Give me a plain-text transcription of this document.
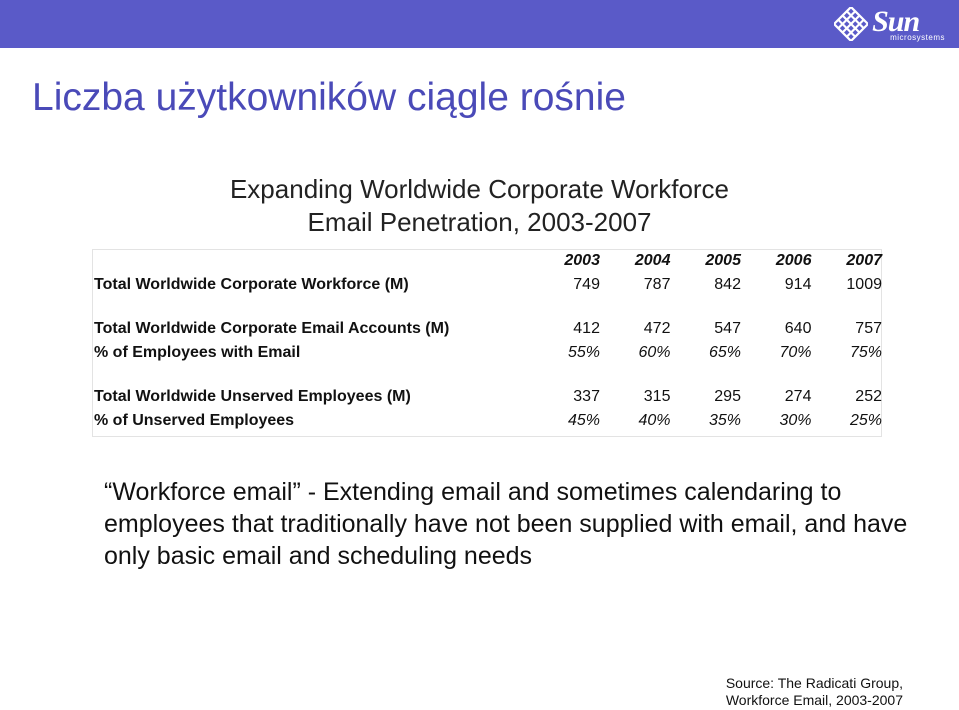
Sun
microsystems
Liczba użytkowników ciągle rośnie
Expanding Worldwide Corporate Workforce
Email Penetration, 2003-2007
	2003	2004	2005	2006	2007
Total Worldwide Corporate Workforce (M)	749	787	842	914	1009

Total Worldwide Corporate Email Accounts (M)	412	472	547	640	757
% of Employees with Email	55%	60%	65%	70%	75%

Total Worldwide Unserved Employees (M)	337	315	295	274	252
% of Unserved Employees	45%	40%	35%	30%	25%
“Workforce email” - Extending email and sometimes calendaring to employees that traditionally have not been supplied with email, and have only basic email and scheduling needs
Source: The Radicati Group,
Workforce Email, 2003-2007
